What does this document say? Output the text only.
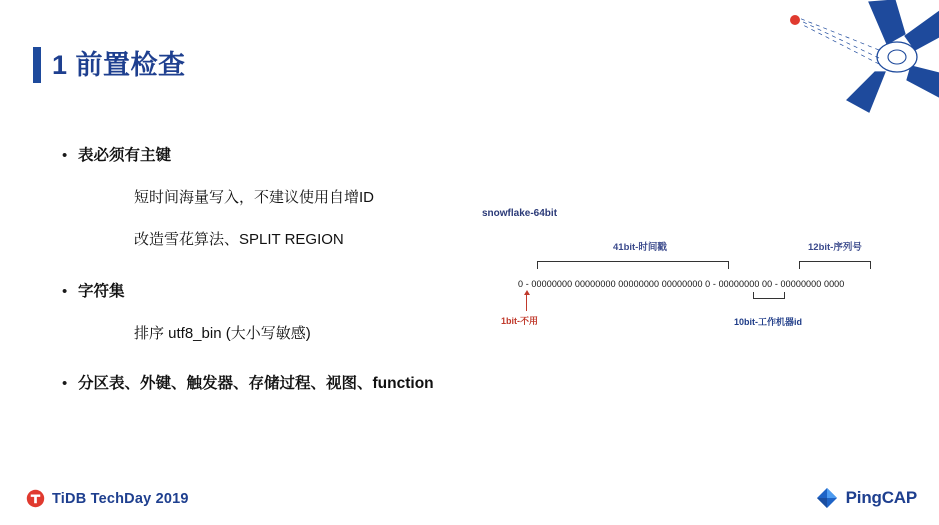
1 前置检查
• 表必须有主键
短时间海量写入，不建议使用自增ID
改造雪花算法、SPLIT REGION
• 字符集
排序 utf8_bin (大小写敏感)
• 分区表、外键、触发器、存储过程、视图、function
snowflake-64bit
41bit-时间戳	12bit-序列号
0 - 00000000 00000000 00000000 00000000 0 - 00000000 00 - 00000000 0000
1bit-不用	10bit-工作机器id
TiDB TechDay 2019	PingCAP
